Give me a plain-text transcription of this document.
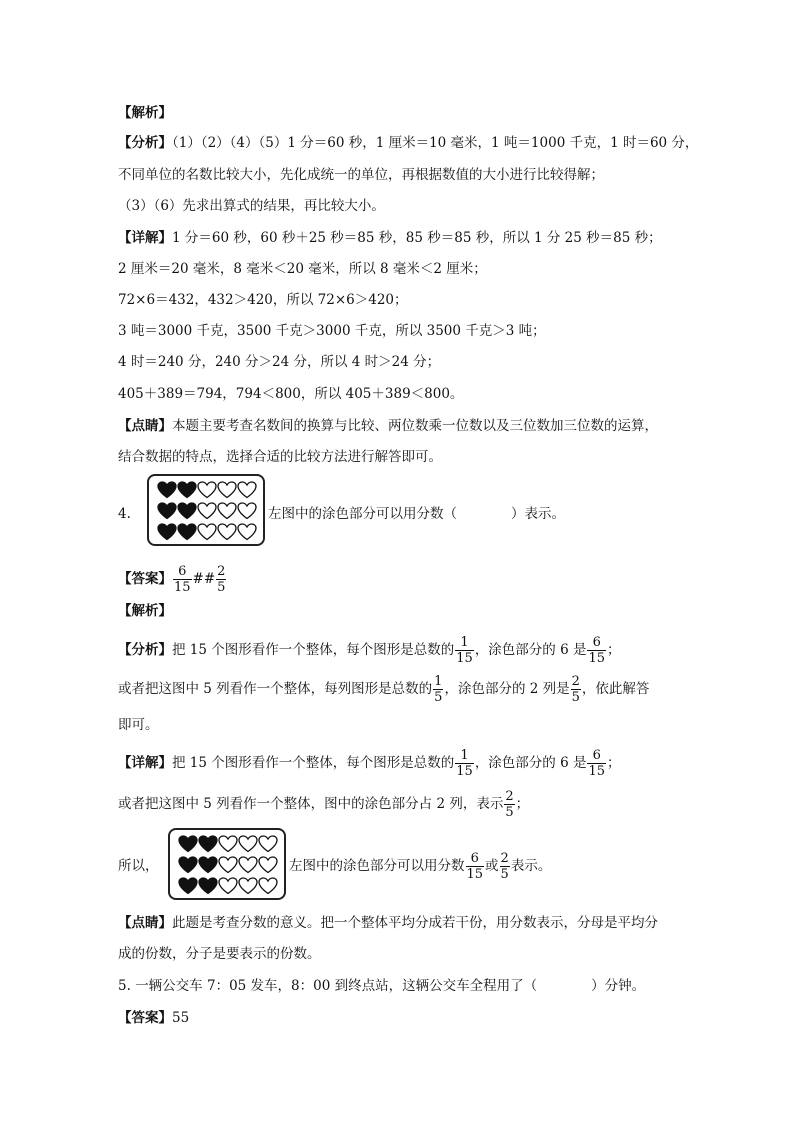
【解析】
【分析】（1）（2）（4）（5）1 分＝60 秒，1 厘米＝10 毫米，1 吨＝1000 千克，1 时＝60 分，
不同单位的名数比较大小，先化成统一的单位，再根据数值的大小进行比较得解；
（3）（6）先求出算式的结果，再比较大小。
【详解】1 分＝60 秒，60 秒＋25 秒＝85 秒，85 秒＝85 秒，所以 1 分 25 秒＝85 秒；
2 厘米＝20 毫米，8 毫米＜20 毫米，所以 8 毫米＜2 厘米；
72×6＝432，432＞420，所以 72×6＞420；
3 吨＝3000 千克，3500 千克＞3000 千克，所以 3500 千克＞3 吨；
4 时＝240 分，240 分＞24 分，所以 4 时＞24 分；
405＋389＝794，794＜800，所以 405＋389＜800。
【点睛】本题主要考查名数间的换算与比较、两位数乘一位数以及三位数加三位数的运算，
结合数据的特点，选择合适的比较方法进行解答即可。
4.	左图中的涂色部分可以用分数（　　　　）表示。
【答案】 $\frac{6}{15}$ ## $\frac{2}{5}$
【解析】
【分析】把 15 个图形看作一个整体，每个图形是总数的 $\frac{1}{15}$ ，涂色部分的 6 是 $\frac{6}{15}$ ；
或者把这图中 5 列看作一个整体，每列图形是总数的 $\frac{1}{5}$ ，涂色部分的 2 列是 $\frac{2}{5}$ ，依此解答
即可。
【详解】把 15 个图形看作一个整体，每个图形是总数的 $\frac{1}{15}$ ，涂色部分的 6 是 $\frac{6}{15}$ ；
或者把这图中 5 列看作一个整体，图中的涂色部分占 2 列，表示 $\frac{2}{5}$ ；
所以，	左图中的涂色部分可以用分数 $\frac{6}{15}$ 或 $\frac{2}{5}$ 表示。
【点睛】此题是考查分数的意义。把一个整体平均分成若干份，用分数表示，分母是平均分
成的份数，分子是要表示的份数。
5. 一辆公交车 7：05 发车，8：00 到终点站，这辆公交车全程用了（　　　　）分钟。
【答案】55
